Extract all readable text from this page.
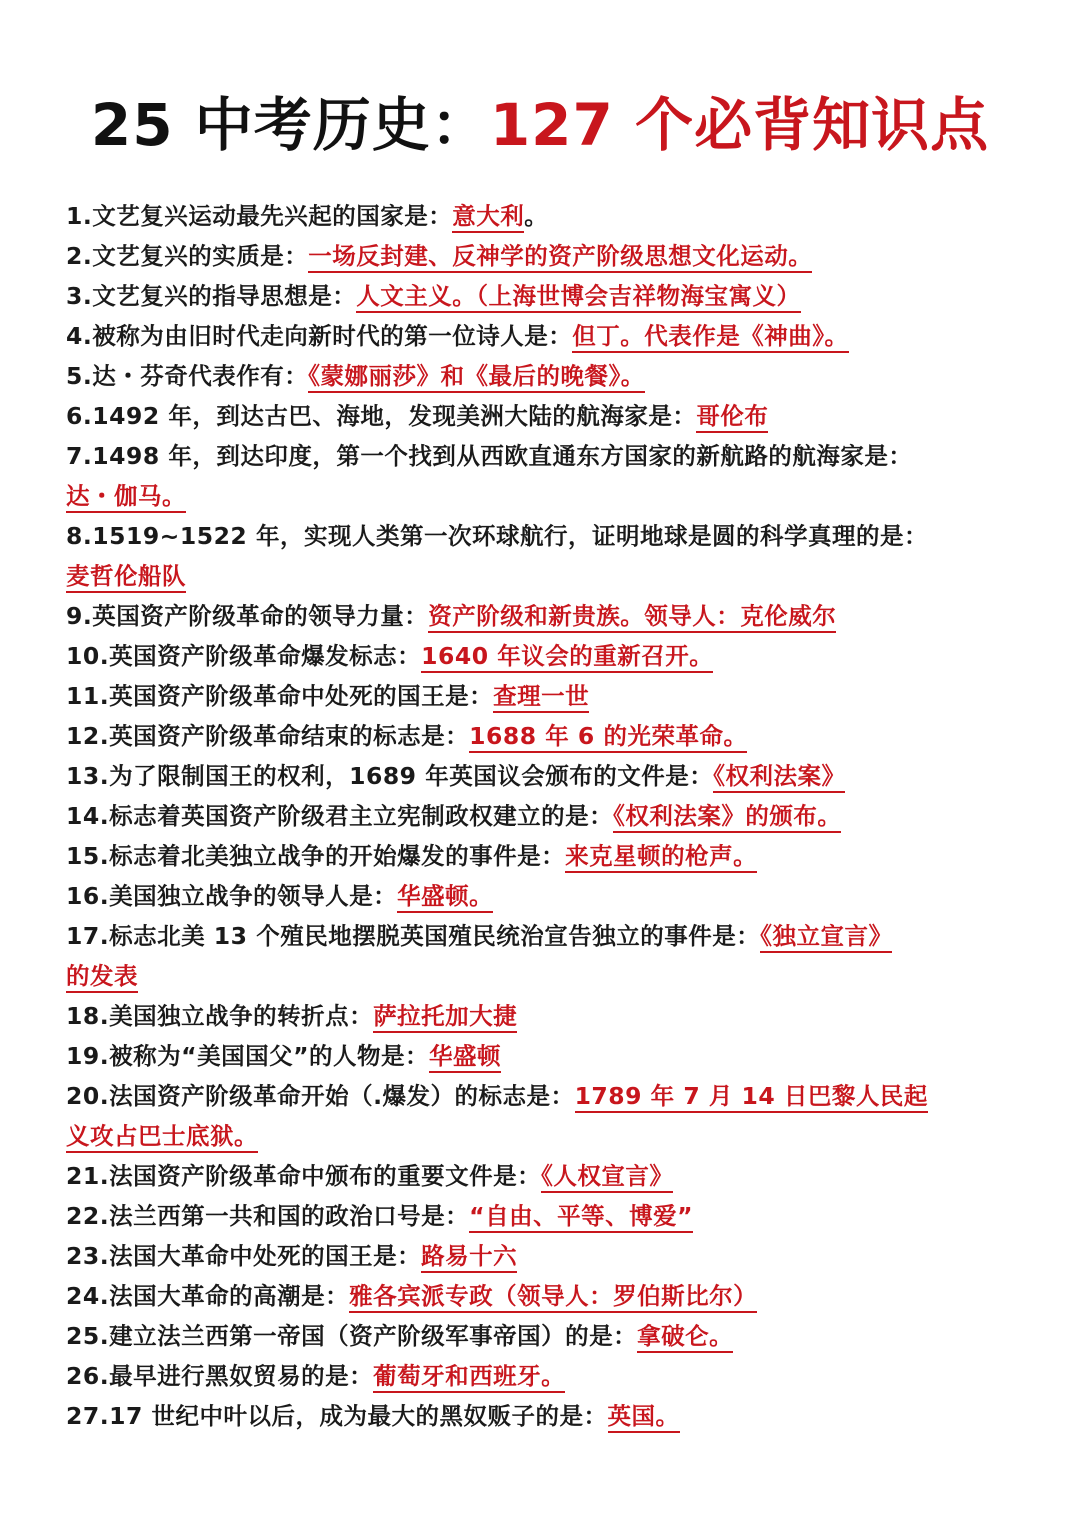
25 中考历史：127 个必背知识点
1.文艺复兴运动最先兴起的国家是：意大利。
2.文艺复兴的实质是：一场反封建、反神学的资产阶级思想文化运动。
3.文艺复兴的指导思想是：人文主义。（上海世博会吉祥物海宝寓义）
4.被称为由旧时代走向新时代的第一位诗人是：但丁。代表作是《神曲》。
5.达・芬奇代表作有：《蒙娜丽莎》和《最后的晚餐》。
6.1492 年，到达古巴、海地，发现美洲大陆的航海家是：哥伦布
7.1498 年，到达印度，第一个找到从西欧直通东方国家的新航路的航海家是：
达・伽马。
8.1519~1522 年，实现人类第一次环球航行，证明地球是圆的科学真理的是：
麦哲伦船队
9.英国资产阶级革命的领导力量：资产阶级和新贵族。领导人：克伦威尔
10.英国资产阶级革命爆发标志：1640 年议会的重新召开。
11.英国资产阶级革命中处死的国王是：查理一世
12.英国资产阶级革命结束的标志是：1688 年 6 的光荣革命。
13.为了限制国王的权利，1689 年英国议会颁布的文件是：《权利法案》
14.标志着英国资产阶级君主立宪制政权建立的是：《权利法案》的颁布。
15.标志着北美独立战争的开始爆发的事件是：来克星顿的枪声。
16.美国独立战争的领导人是：华盛顿。
17.标志北美 13 个殖民地摆脱英国殖民统治宣告独立的事件是：《独立宣言》
的发表
18.美国独立战争的转折点：萨拉托加大捷
19.被称为“美国国父”的人物是：华盛顿
20.法国资产阶级革命开始（.爆发）的标志是：1789 年 7 月 14 日巴黎人民起
义攻占巴士底狱。
21.法国资产阶级革命中颁布的重要文件是：《人权宣言》
22.法兰西第一共和国的政治口号是：“自由、平等、博爱”
23.法国大革命中处死的国王是：路易十六
24.法国大革命的高潮是：雅各宾派专政（领导人：罗伯斯比尔）
25.建立法兰西第一帝国（资产阶级军事帝国）的是：拿破仑。
26.最早进行黑奴贸易的是：葡萄牙和西班牙。
27.17 世纪中叶以后，成为最大的黑奴贩子的是：英国。
